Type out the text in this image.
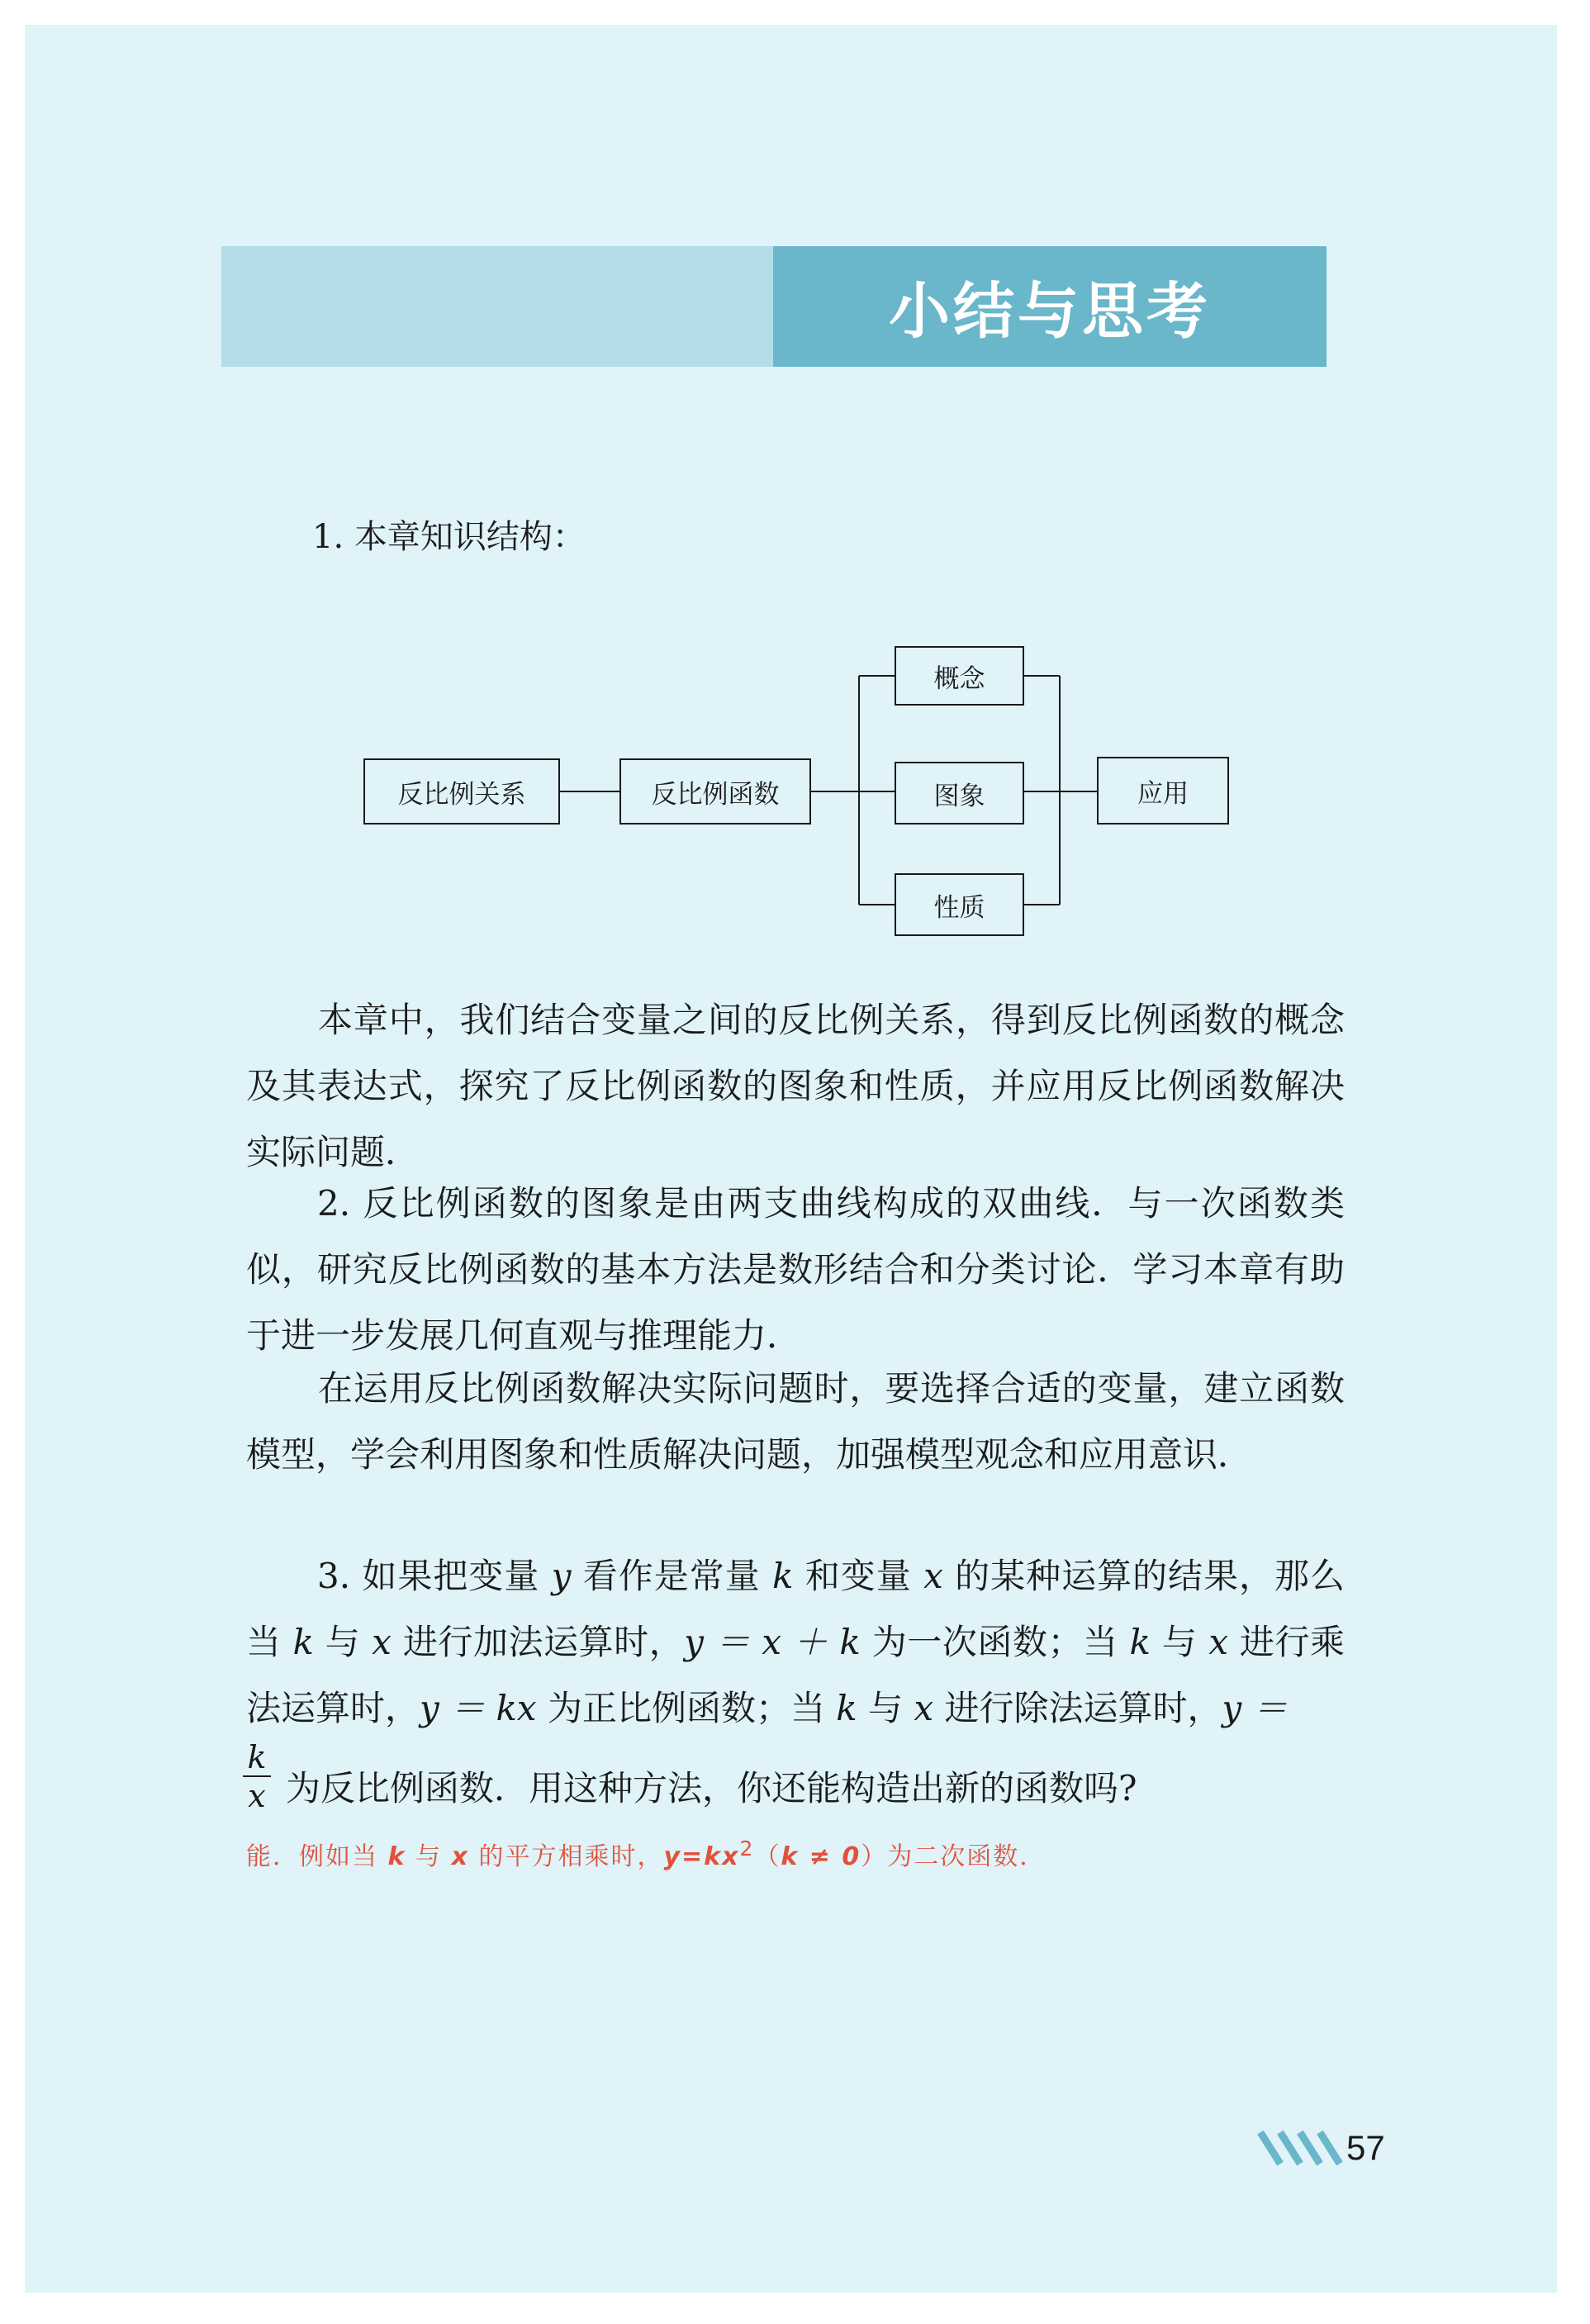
小结与思考
1. 本章知识结构：
反比例关系	反比例函数
概念
图象
性质
应用
本章中，我们结合变量之间的反比例关系，得到反比例函数的概念及其表达式，探究了反比例函数的图象和性质，并应用反比例函数解决实际问题．
2. 反比例函数的图象是由两支曲线构成的双曲线．与一次函数类似，研究反比例函数的基本方法是数形结合和分类讨论．学习本章有助于进一步发展几何直观与推理能力．
在运用反比例函数解决实际问题时，要选择合适的变量，建立函数模型，学会利用图象和性质解决问题，加强模型观念和应用意识．
3. 如果把变量 y 看作是常量 k 和变量 x 的某种运算的结果，那么当 k 与 x 进行加法运算时，y ＝ x ＋ k 为一次函数；当 k 与 x 进行乘法运算时，y ＝ kx 为正比例函数；当 k 与 x 进行除法运算时，y ＝
k
x 为反比例函数．用这种方法，你还能构造出新的函数吗?
能．例如当 k 与 x 的平方相乘时，$y=kx^2(k \ne 0)$为二次函数．
57
